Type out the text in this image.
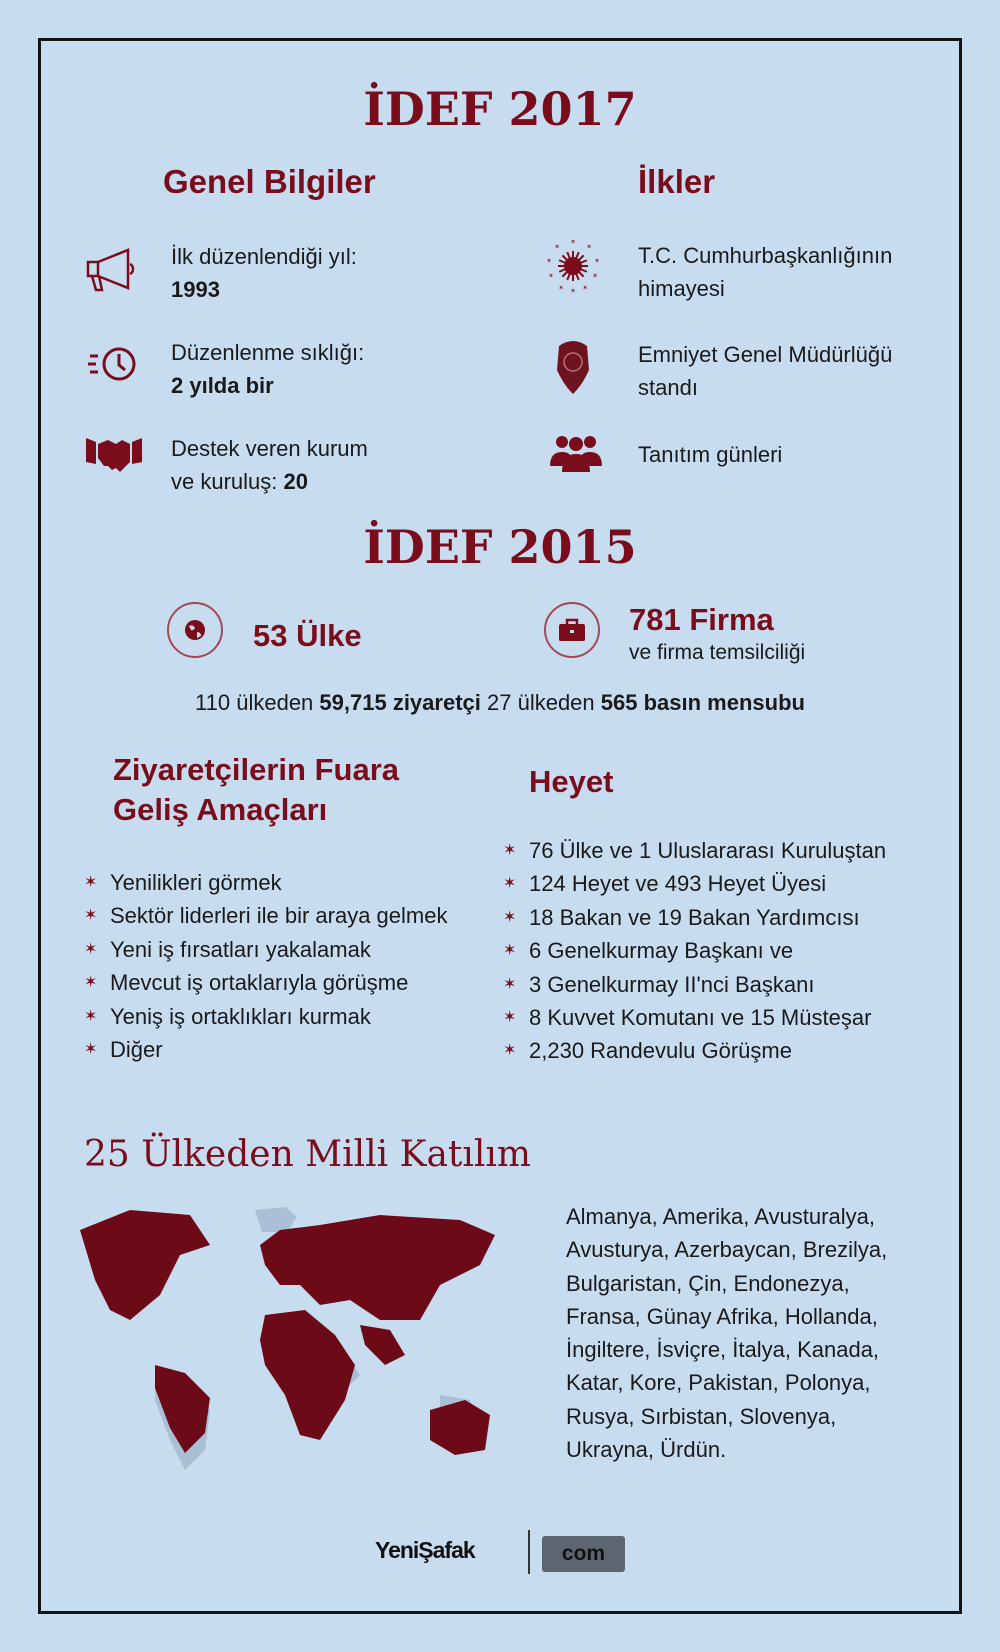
İDEF 2017
Genel Bilgiler	İlkler
İlk düzenlendiği yıl:
1993
Düzenlenme sıklığı:
2 yılda bir
Destek veren kurum
ve kuruluş: 20
✶
✶
✶
✶
✶
✶
✶
✶
✶
✶	T.C. Cumhurbaşkanlığının
himayesi
Emniyet Genel Müdürlüğü
standı
Tanıtım günleri
İDEF 2015
53 Ülke	781 Firma
ve firma temsilciliği
110 ülkeden 59,715 ziyaretçi 27 ülkeden 565 basın mensubu
Ziyaretçilerin Fuara
Geliş Amaçları
Heyet
✶ Yenilikleri görmek
✶ Sektör liderleri ile bir araya gelmek
✶ Yeni iş fırsatları yakalamak
✶ Mevcut iş ortaklarıyla görüşme
✶ Yeniş iş ortaklıkları kurmak
✶ Diğer
✶ 76 Ülke ve 1 Uluslararası Kuruluştan
✶ 124 Heyet ve 493 Heyet Üyesi
✶ 18 Bakan ve 19 Bakan Yardımcısı
✶ 6 Genelkurmay Başkanı ve
✶ 3 Genelkurmay II'nci Başkanı
✶ 8 Kuvvet Komutanı ve 15 Müsteşar
✶ 2,230 Randevulu Görüşme
25 Ülkeden Milli Katılım
Almanya, Amerika, Avusturalya,
Avusturya, Azerbaycan, Brezilya,
Bulgaristan, Çin, Endonezya,
Fransa, Günay Afrika, Hollanda,
İngiltere, İsviçre, İtalya, Kanada,
Katar, Kore, Pakistan, Polonya,
Rusya, Sırbistan, Slovenya,
Ukrayna, Ürdün.
YeniŞafak	com
